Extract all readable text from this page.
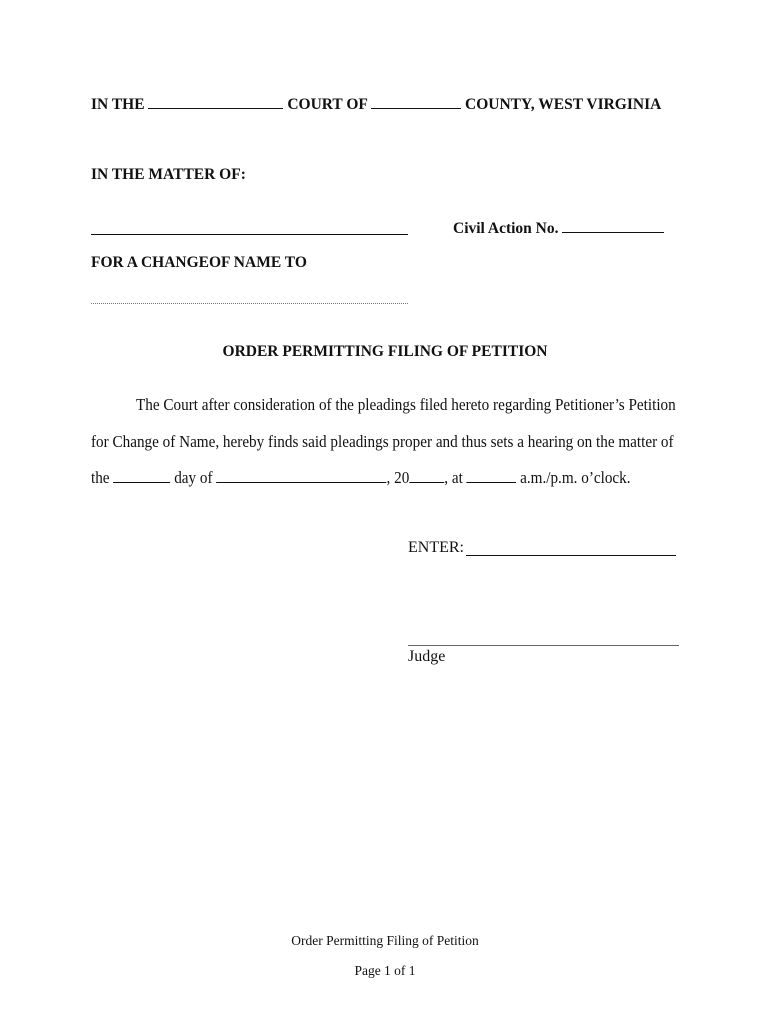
IN THE	COURT OF	COUNTY, WEST VIRGINIA
IN THE MATTER OF:
Civil Action No.
FOR A CHANGEOF NAME TO
ORDER PERMITTING FILING OF PETITION
The Court after consideration of the pleadings filed hereto regarding Petitioner’s Petition
for Change of Name, hereby finds said pleadings proper and thus sets a hearing on the matter of
the	day of	, 20 , at	a.m./p.m. o’clock.
ENTER:
Judge
Order Permitting Filing of Petition
Page 1 of 1
